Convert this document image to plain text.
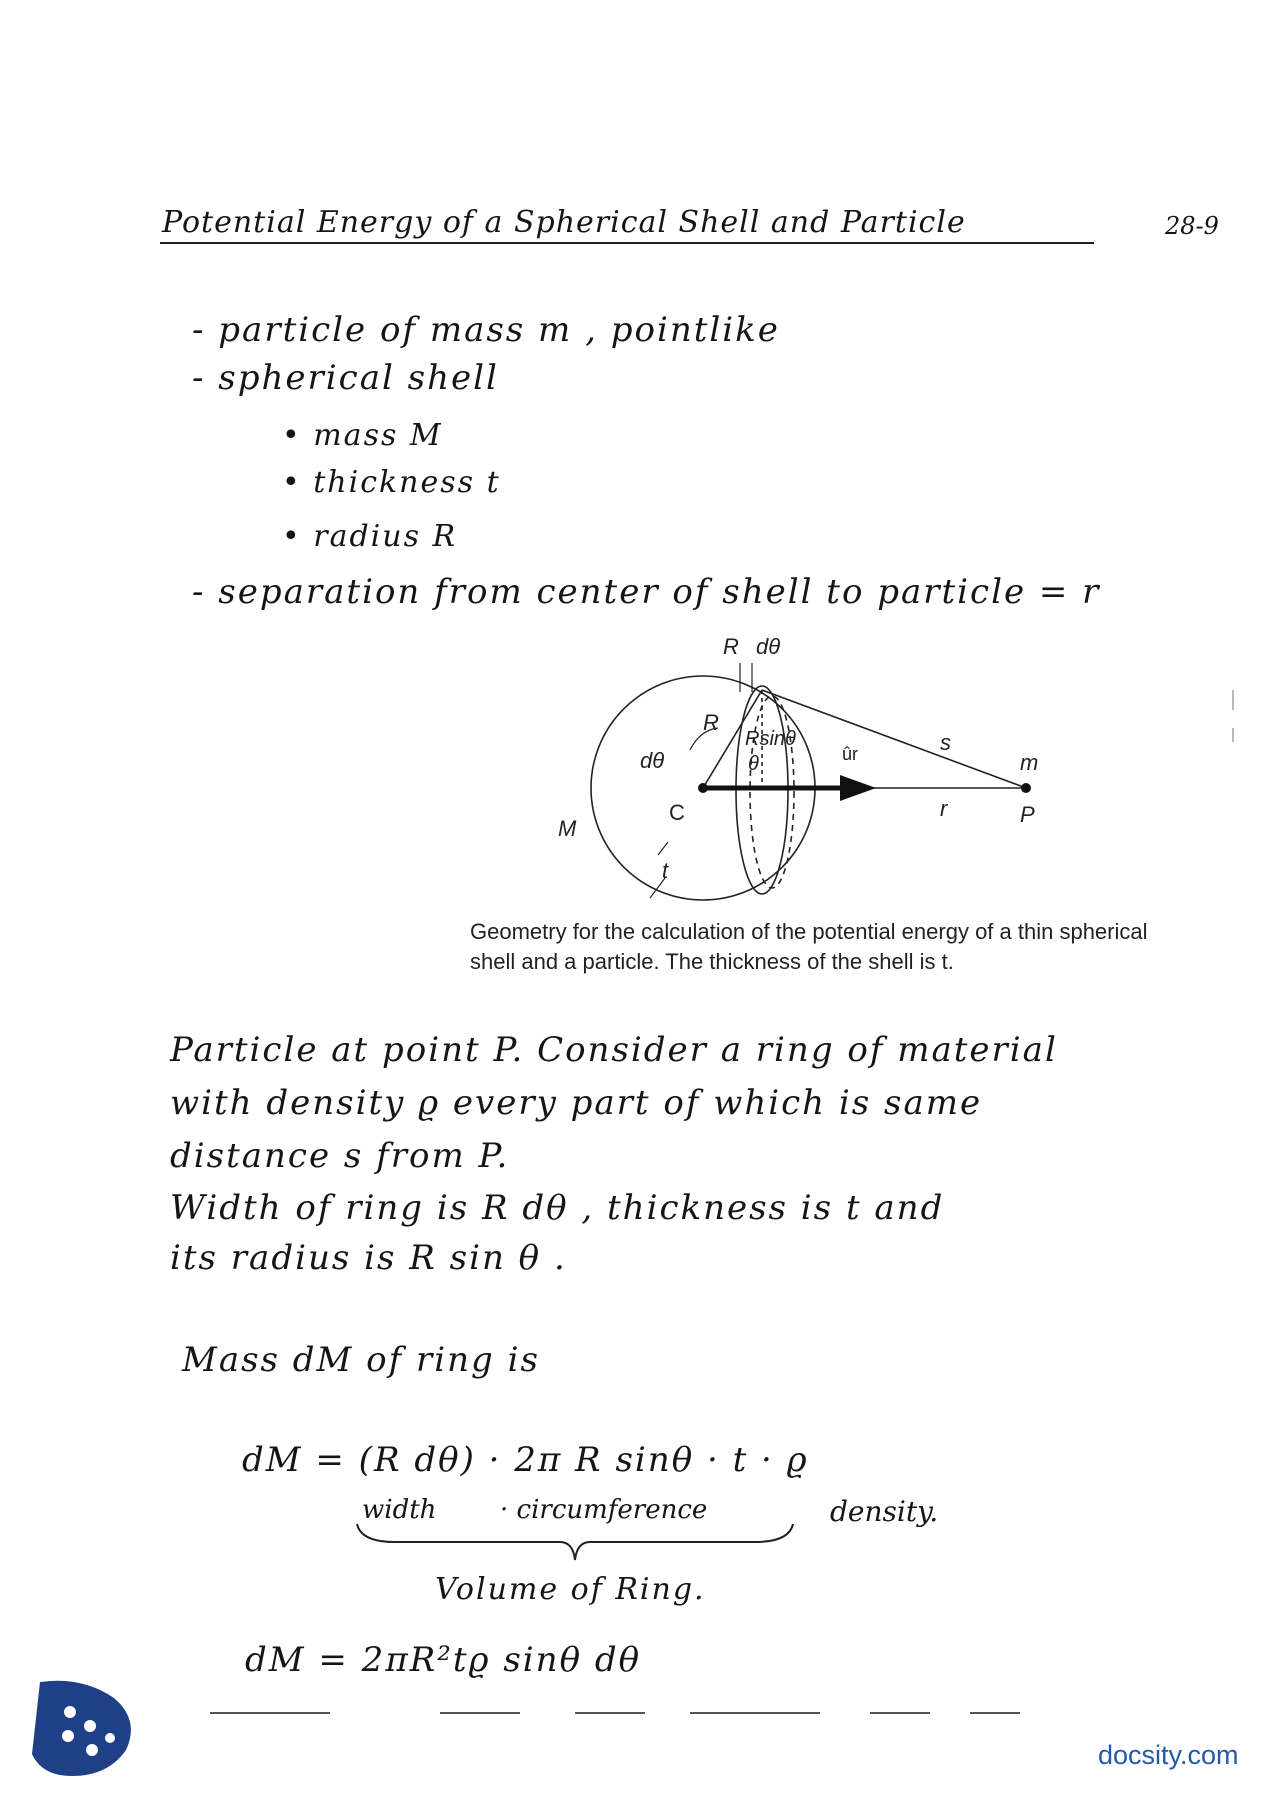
Potential Energy of a Spherical Shell and Particle	28-9
- particle of mass m , pointlike
- spherical shell
• mass M
• thickness t
• radius R
- separation from center of shell to particle = r
R dθ
R
Rsinθ
dθ	θ
C
ûr	s
m
r	P
M
t
Geometry for the calculation of the potential energy of a thin spherical shell and a particle. The thickness of the shell is t.
Particle at point P. Consider a ring of material
with density ϱ every part of which is same
distance s from P.
Width of ring is R dθ , thickness is t and
its radius is R sin θ .
Mass dM of ring is
dM = (R dθ) · 2π R sinθ · t · ϱ
width · circumference	density.
Volume of Ring.
dM = 2πR²tϱ sinθ dθ
docsity.com
